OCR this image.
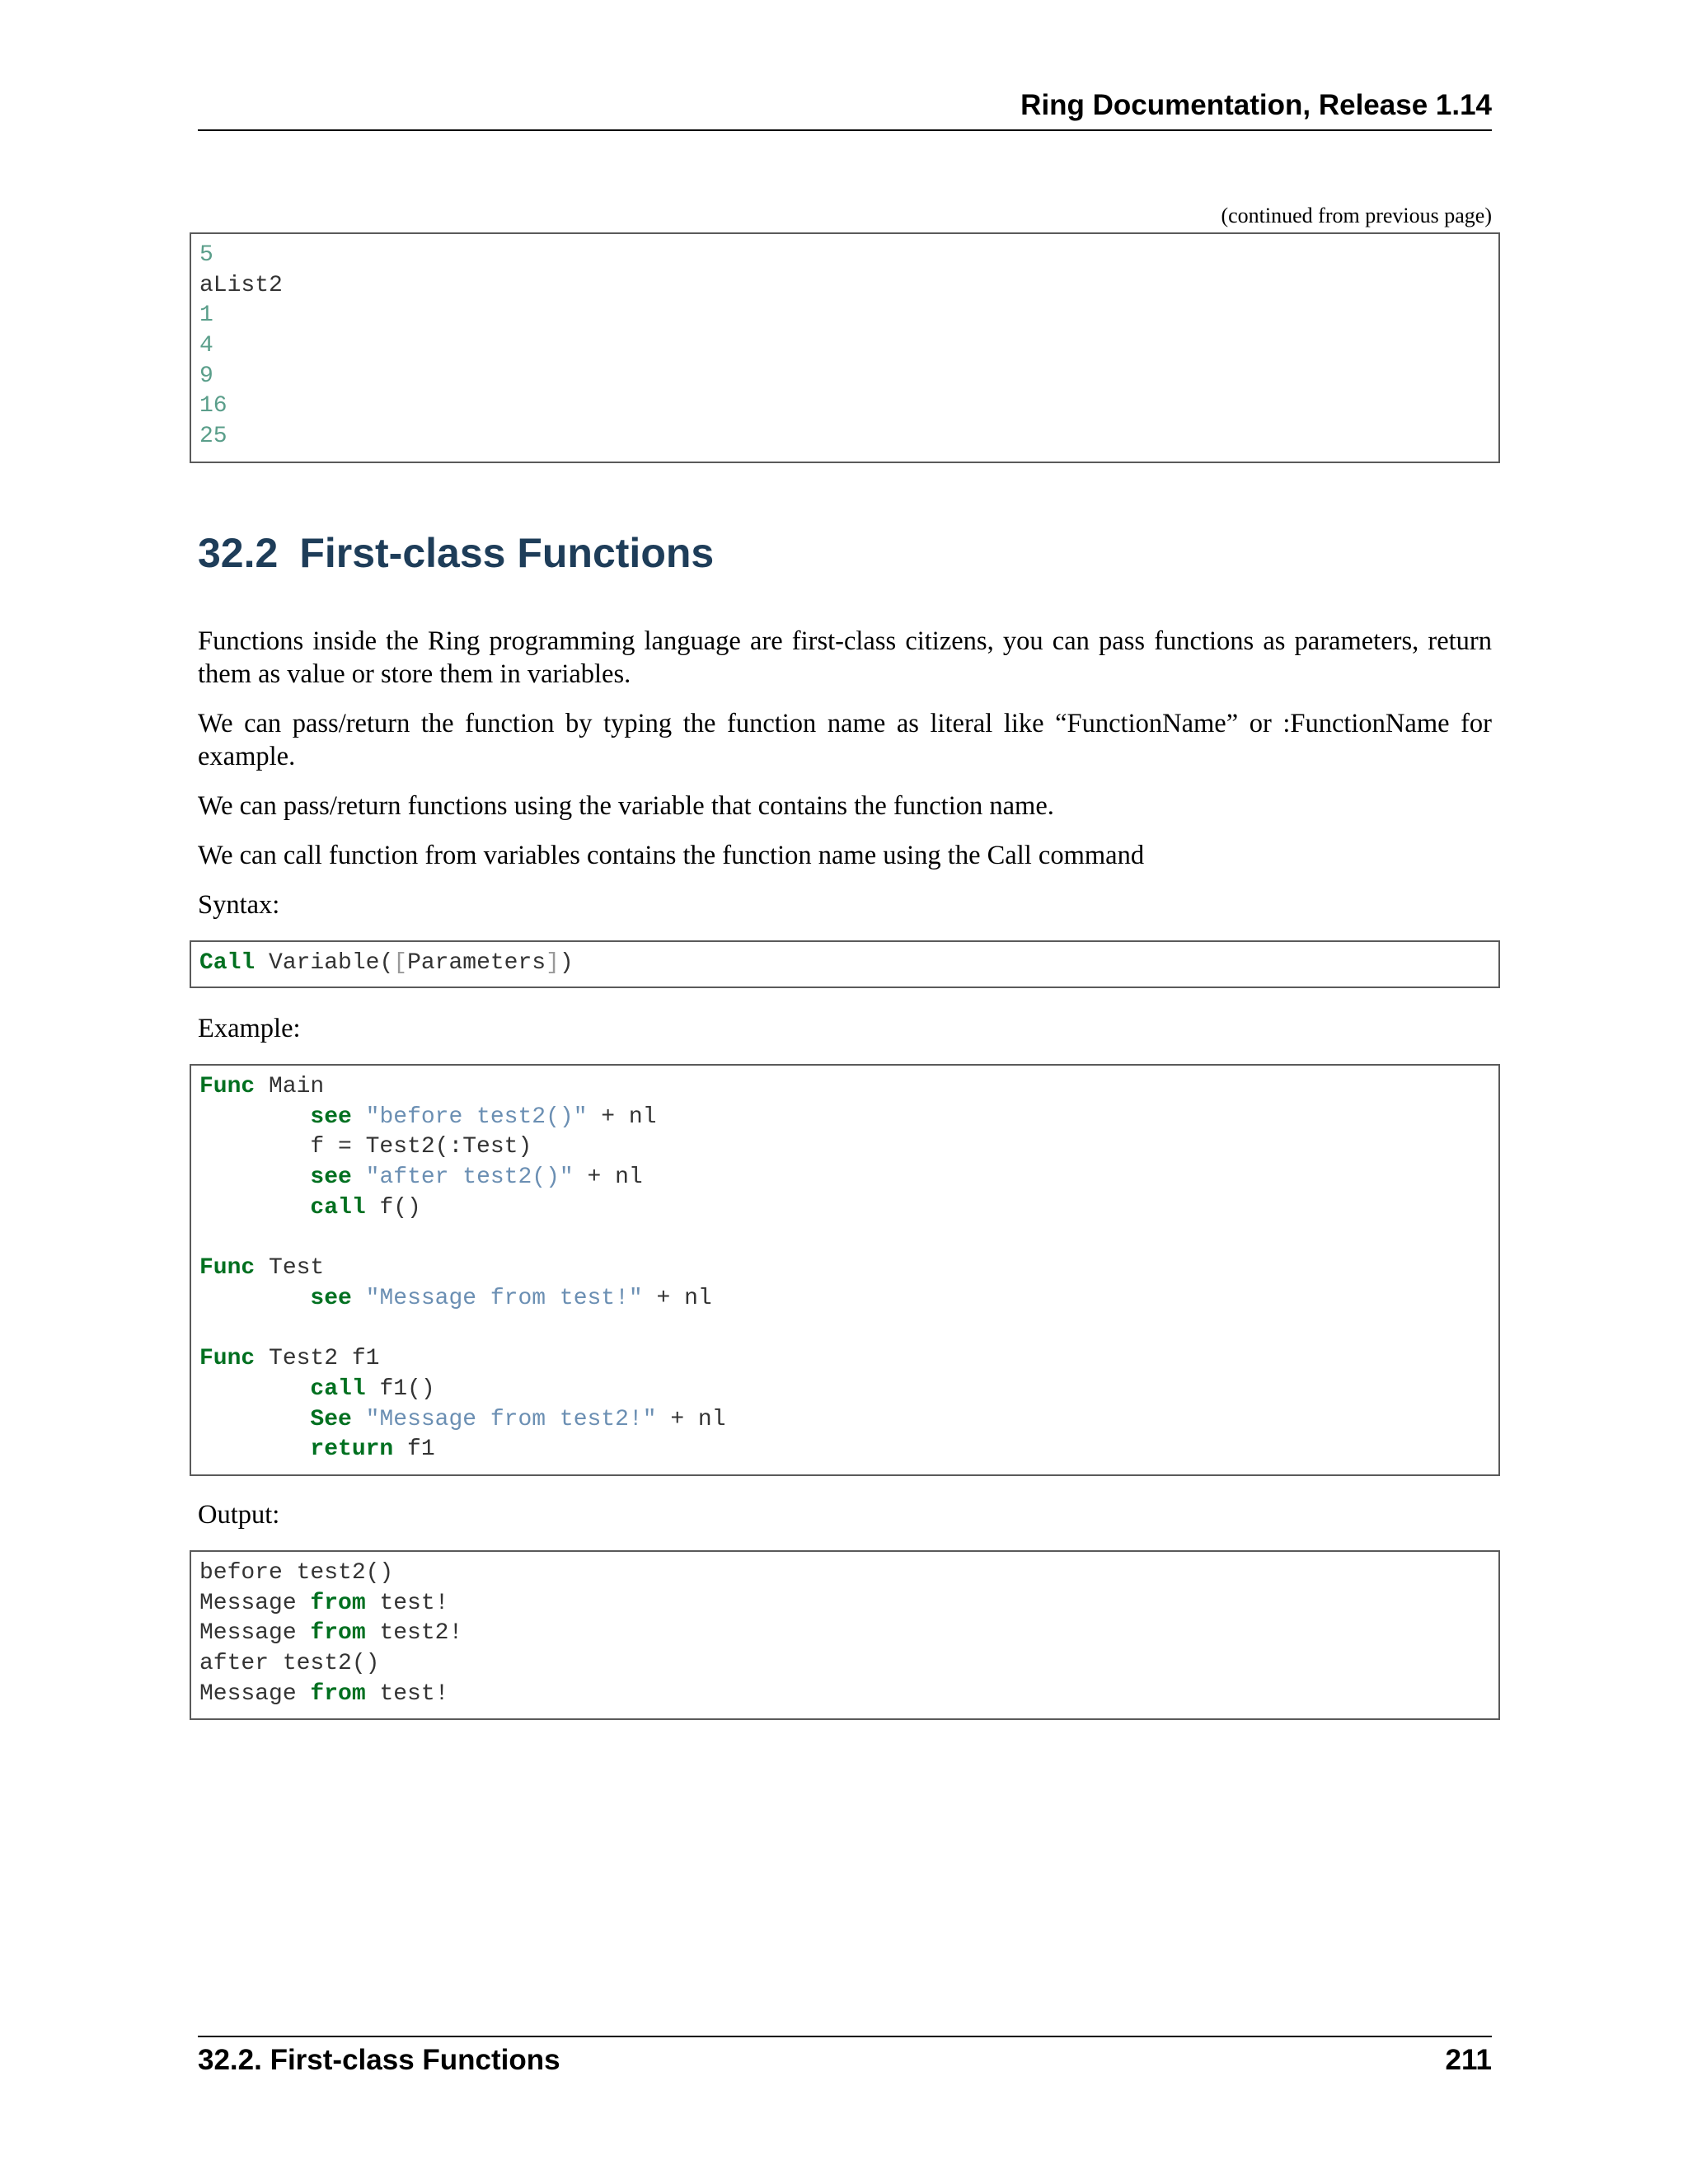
Ring Documentation, Release 1.14
(continued from previous page)
5
aList2
1
4
9
16
25
32.2 First-class Functions
Functions inside the Ring programming language are first-class citizens, you can pass functions as parameters, return them as value or store them in variables.
We can pass/return the function by typing the function name as literal like “FunctionName” or :FunctionName for example.
We can pass/return functions using the variable that contains the function name.
We can call function from variables contains the function name using the Call command
Syntax:
Call Variable([Parameters])
Example:
Func Main
see "before test2()" + nl
f = Test2(:Test)
see "after test2()" + nl
call f()
Func Test
see "Message from test!" + nl
Func Test2 f1
call f1()
See "Message from test2!" + nl
return f1
Output:
before test2()
Message from test!
Message from test2!
after test2()
Message from test!
32.2. First-class Functions	211
